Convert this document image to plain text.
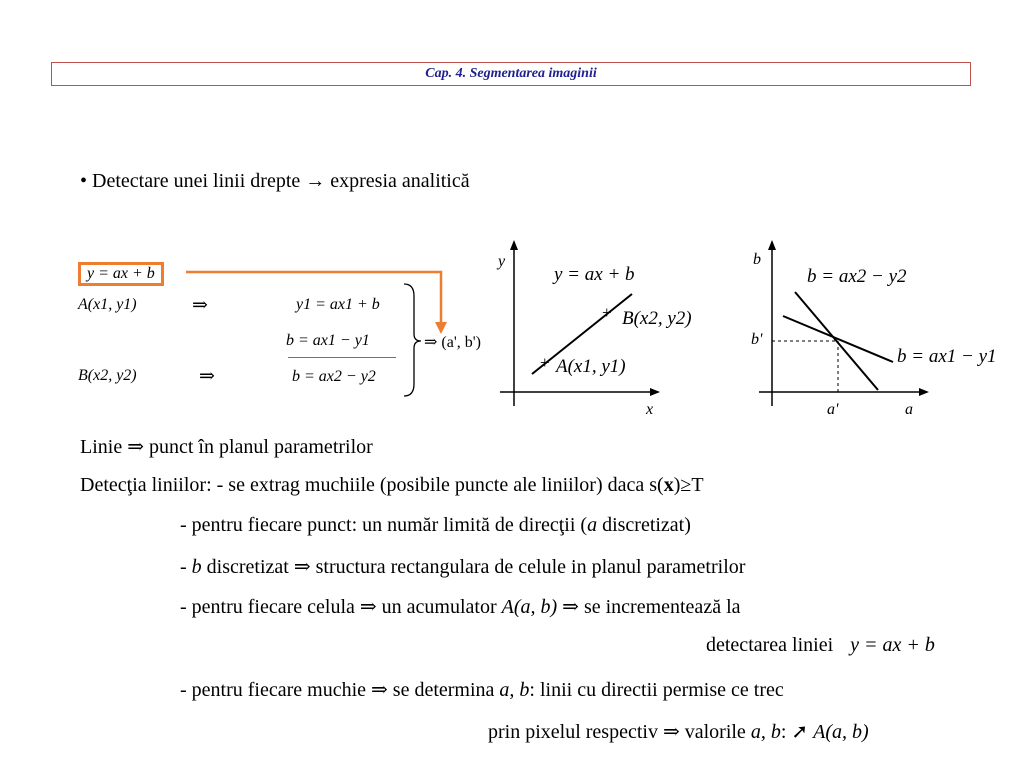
Cap. 4. Segmentarea imaginii
• Detectare unei linii drepte → expresia analitică
y = ax + b
A(x1, y1)	⇒	y1 = ax1 + b
b = ax1 − y1
B(x2, y2)	⇒	b = ax2 − y2
⇒ (a', b')
y
x
y = ax + b
+ B(x2, y2)
+ A(x1, y1)
b
a
b = ax2 − y2
b = ax1 − y1
b'
a'
Linie ⇒ punct în planul parametrilor
Detecţia liniilor: - se extrag muchiile (posibile puncte ale liniilor) daca s(x)≥T
- pentru fiecare punct: un număr limită de direcţii (a discretizat)
- b discretizat ⇒ structura rectangulara de celule in planul parametrilor
- pentru fiecare celula ⇒ un acumulator A(a, b) ⇒ se incrementează la
detectarea liniei y = ax + b
- pentru fiecare muchie ⇒ se determina a, b: linii cu directii permise ce trec
prin pixelul respectiv ⇒ valorile a, b: ➚ A(a, b)
